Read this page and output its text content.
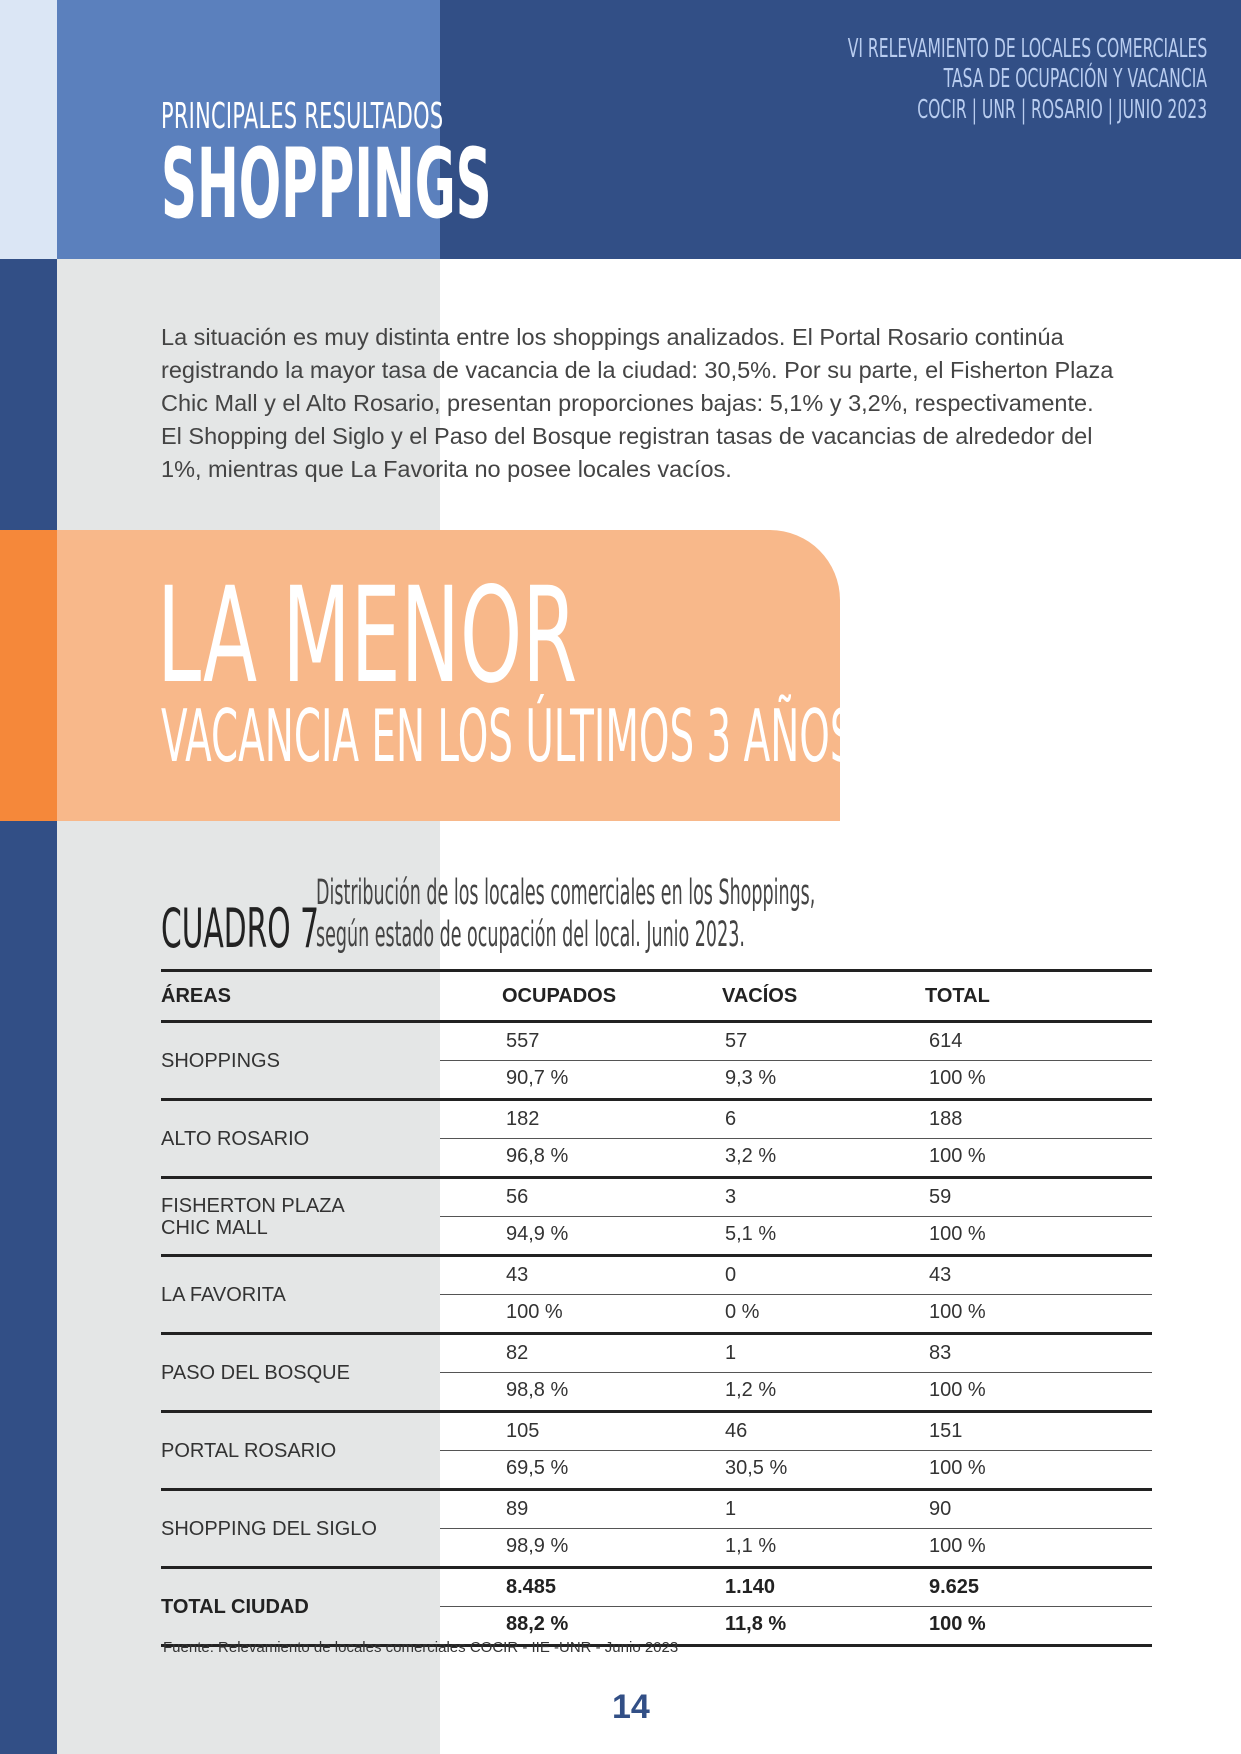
PRINCIPALES RESULTADOS
SHOPPINGS
VI RELEVAMIENTO DE LOCALES COMERCIALES
TASA DE OCUPACIÓN Y VACANCIA
COCIR | UNR | ROSARIO | JUNIO 2023
La situación es muy distinta entre los shoppings analizados. El Portal Rosario continúa registrando la mayor tasa de vacancia de la ciudad: 30,5%. Por su parte, el Fisherton Plaza Chic Mall y el Alto Rosario, presentan proporciones bajas: 5,1% y 3,2%, respectivamente. El Shopping del Siglo y el Paso del Bosque registran tasas de vacancias de alrededor del 1%, mientras que La Favorita no posee locales vacíos.
LA MENOR
VACANCIA EN LOS ÚLTIMOS 3 AÑOS
CUADRO 7
Distribución de los locales comerciales en los Shoppings,
según estado de ocupación del local. Junio 2023.
ÁREAS	OCUPADOS	VACÍOS	TOTAL
SHOPPINGS
557	57	614
90,7 %	9,3 %	100 %
ALTO ROSARIO
182	6	188
96,8 %	3,2 %	100 %
FISHERTON PLAZA
CHIC MALL
56	3	59
94,9 %	5,1 %	100 %
LA FAVORITA
43	0	43
100 %	0 %	100 %
PASO DEL BOSQUE
82	1	83
98,8 %	1,2 %	100 %
PORTAL ROSARIO
105	46	151
69,5 %	30,5 %	100 %
SHOPPING DEL SIGLO
89	1	90
98,9 %	1,1 %	100 %
TOTAL CIUDAD
8.485	1.140	9.625
88,2 %	11,8 %	100 %
Fuente: Relevamiento de locales comerciales COCIR - IIE -UNR - Junio 2023
14
